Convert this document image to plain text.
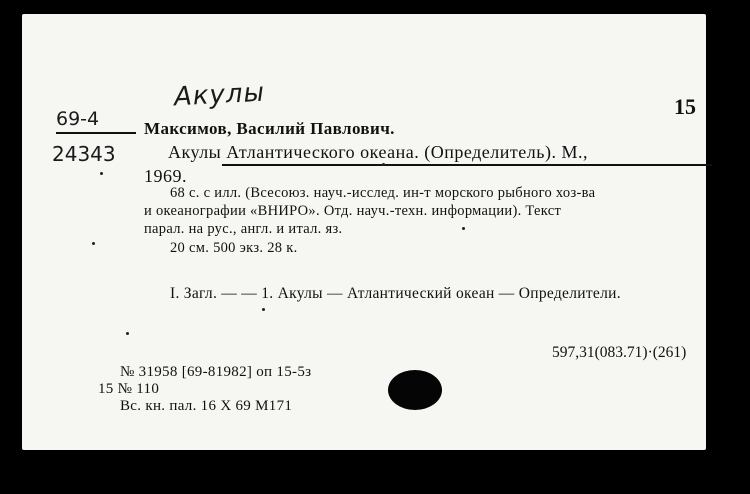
Акулы
69-4
24343
15
Максимов, Василий Павлович.
Акулы Атлантического океана. (Определитель). М.,
1969.
68 с. с илл. (Всесоюз. науч.-исслед. ин-т морского рыбного хоз-ва
и океанографии «ВНИРО». Отд. науч.-техн. информации). Текст
парал. на рус., англ. и итал. яз.
20 см. 500 экз. 28 к.
I. Загл. — — 1. Акулы — Атлантический океан — Определители.
597,31(083.71)·(261)
№ 31958 [69-81982] оп 15-5з
15 № 110
Вс. кн. пал. 16 X 69 М171
